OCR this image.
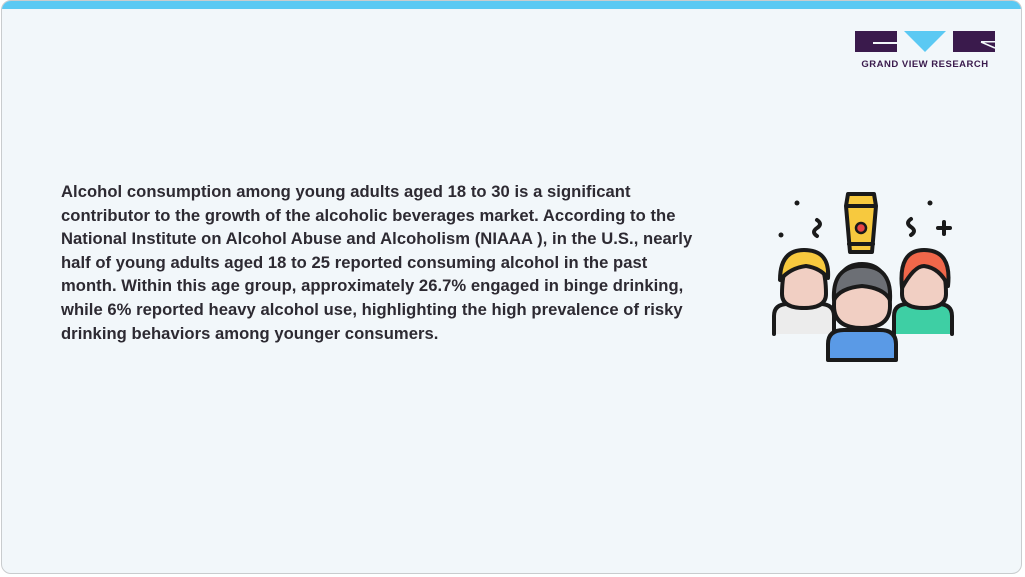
GRAND VIEW RESEARCH
Alcohol consumption among young adults aged 18 to 30 is a significant contributor to the growth of the alcoholic beverages market. According to the National Institute on Alcohol Abuse and Alcoholism (NIAAA ), in the U.S., nearly half of young adults aged 18 to 25 reported consuming alcohol in the past month. Within this age group, approximately 26.7% engaged in binge drinking, while 6% reported heavy alcohol use, highlighting the high prevalence of risky drinking behaviors among younger consumers.
